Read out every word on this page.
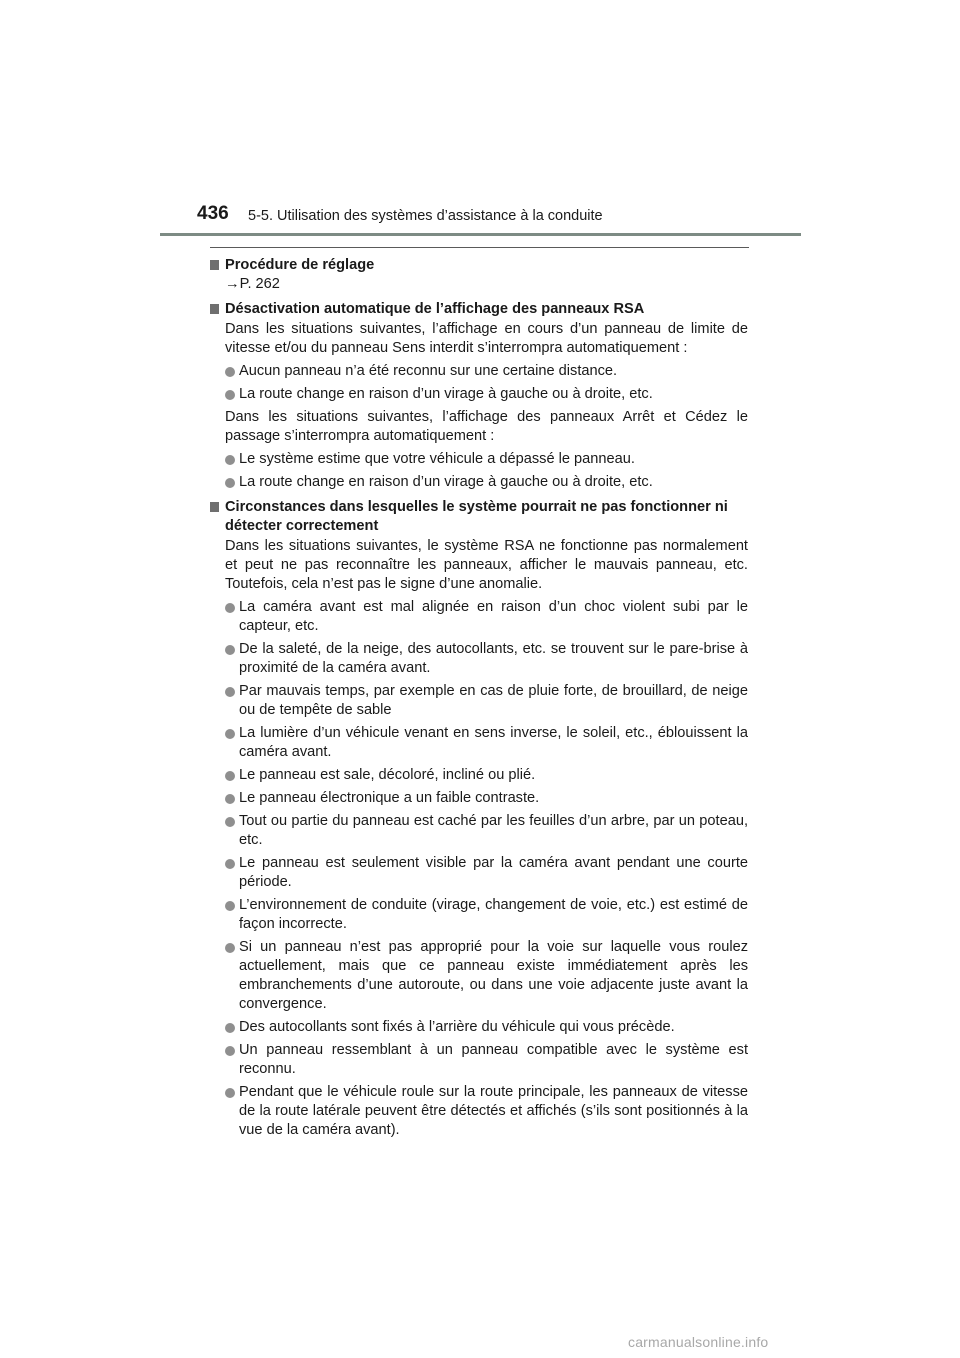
436 5-5. Utilisation des systèmes d’assistance à la conduite
Procédure de réglage
→P. 262
Désactivation automatique de l’affichage des panneaux RSA
Dans les situations suivantes, l’affichage en cours d’un panneau de limite de vitesse et/ou du panneau Sens interdit s’interrompra automatiquement :
Aucun panneau n’a été reconnu sur une certaine distance.
La route change en raison d’un virage à gauche ou à droite, etc.
Dans les situations suivantes, l’affichage des panneaux Arrêt et Cédez le passage s’interrompra automatiquement :
Le système estime que votre véhicule a dépassé le panneau.
La route change en raison d’un virage à gauche ou à droite, etc.
Circonstances dans lesquelles le système pourrait ne pas fonctionner ni détecter correctement
Dans les situations suivantes, le système RSA ne fonctionne pas normalement et peut ne pas reconnaître les panneaux, afficher le mauvais panneau, etc. Toutefois, cela n’est pas le signe d’une anomalie.
La caméra avant est mal alignée en raison d’un choc violent subi par le capteur, etc.
De la saleté, de la neige, des autocollants, etc. se trouvent sur le pare-brise à proximité de la caméra avant.
Par mauvais temps, par exemple en cas de pluie forte, de brouillard, de neige ou de tempête de sable
La lumière d’un véhicule venant en sens inverse, le soleil, etc., éblouissent la caméra avant.
Le panneau est sale, décoloré, incliné ou plié.
Le panneau électronique a un faible contraste.
Tout ou partie du panneau est caché par les feuilles d’un arbre, par un poteau, etc.
Le panneau est seulement visible par la caméra avant pendant une courte période.
L’environnement de conduite (virage, changement de voie, etc.) est estimé de façon incorrecte.
Si un panneau n’est pas approprié pour la voie sur laquelle vous roulez actuellement, mais que ce panneau existe immédiatement après les embranchements d’une autoroute, ou dans une voie adjacente juste avant la convergence.
Des autocollants sont fixés à l’arrière du véhicule qui vous précède.
Un panneau ressemblant à un panneau compatible avec le système est reconnu.
Pendant que le véhicule roule sur la route principale, les panneaux de vitesse de la route latérale peuvent être détectés et affichés (s’ils sont positionnés à la vue de la caméra avant).
carmanualsonline.info
